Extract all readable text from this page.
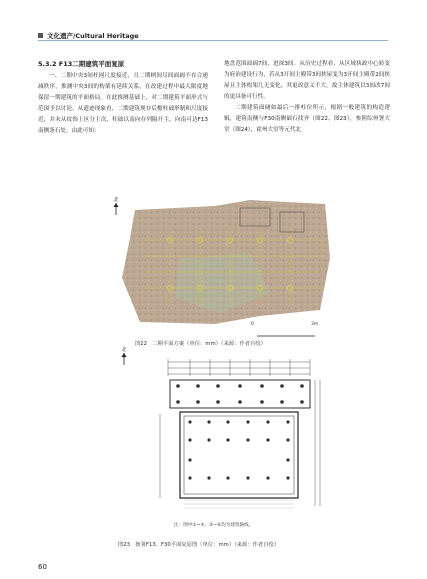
文化遗产/Cultural Heritage
5.3.2 F13二期建筑平面复原

一、二期中央3间柱网尺度接近，且二期柄间尽间面阔不存合递减秩序，推测中央3间的构架有延续关系，在改建过程中最大限度地保留一期建筑的平面格局。在此推测基础上，对二期建筑平面形式与范围予以讨论。从遗迹现象看，二期建筑现存后檐柱础形制和尺度接近，并未从纹饰上区分主次，柱础以南向存列隔开主，向南可达F13南侧条石处。由此可知：

地盘范围面阔7间，进深3间。从历史过程看，从区域执政中心转变为府治建设行为，若从3开间主殿带3间挟屋变为3开间主殿带2间挟屋且主体构架几无变化，其更改意义不大，故主体建筑以3间改7间的更具备可行性。

二期建筑面阔如最后一排柱位所示，根据一般建筑的构造逻辑，建筑南侧与F30南侧础石找齐（图22、图23），参照综州署大堂（图24），霍州大堂等元代北

北
0	3m
图22　二期平面方案（单位：mm）（来源：作者自绘）
北
注：图中①~⑤、②~⑥均为建筑轴线。
图23　衙署F13、F30平面复原图（单位：mm）（来源：作者自绘）
60
